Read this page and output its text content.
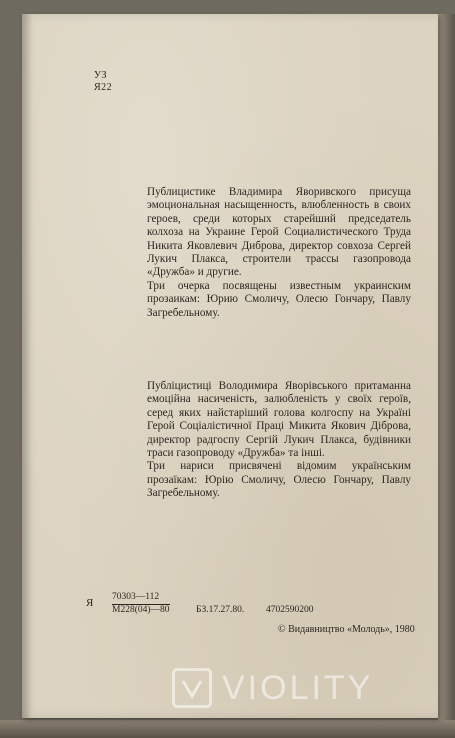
УЗ
Я22

Публицистике Владимира Яворивского присуща эмоциональная насыщенность, влюбленность в своих героев, среди которых старейший председатель колхоза на Украине Герой Социалистического Труда Никита Яковлевич Диброва, директор совхоза Сергей Лукич Плакса, строители трассы газопровода «Дружба» и другие.

Три очерка посвящены известным украинским прозаикам: Юрию Смоличу, Олесю Гончару, Павлу Загребельному.

Публіцистиці Володимира Яворівського притаманна емоційна насиченість, залюбленість у своїх героїв, серед яких найстаріший голова колгоспу на Україні Герой Соціалістичної Праці Микита Якович Діброва, директор радгоспу Сергій Лукич Плакса, будівники траси газопроводу «Дружба» та інші.

Три нариси присвячені відомим українським прозаїкам: Юрію Смоличу, Олесю Гончару, Павлу Загребельному.

Я 70303—112
М228(04)—80	БЗ.17.27.80. 4702590200
© Видавництво «Молодь», 1980
VIOLITY
